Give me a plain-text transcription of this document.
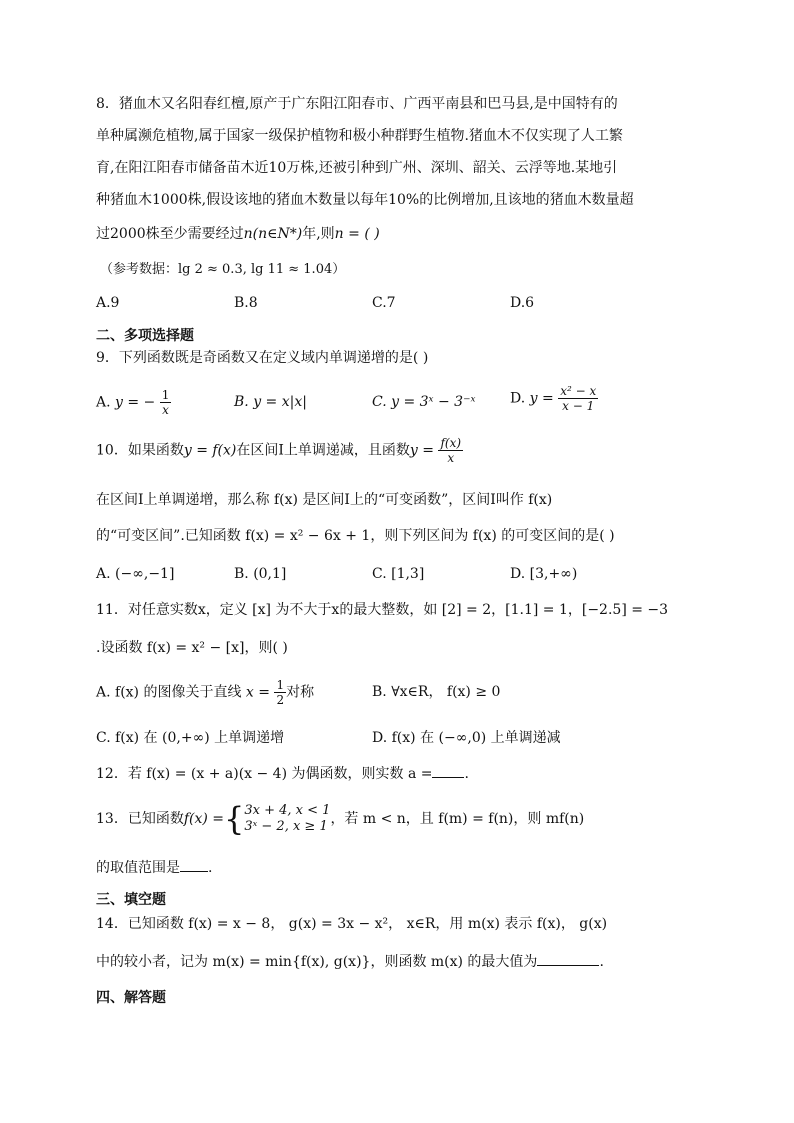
8．猪血木又名阳春红檀,原产于广东阳江阳春市、广西平南县和巴马县,是中国特有的
单种属濒危植物,属于国家一级保护植物和极小种群野生植物.猪血木不仅实现了人工繁
育,在阳江阳春市储备苗木近10万株,还被引种到广州、深圳、韶关、云浮等地.某地引
种猪血木1000株,假设该地的猪血木数量以每年10%的比例增加,且该地的猪血木数量超
过2000株至少需要经过n(n∈N*)年,则n = ( )
（参考数据：lg 2 ≈ 0.3, lg 11 ≈ 1.04）
A.9	B.8	C.7	D.6
二、多项选择题
9．下列函数既是奇函数又在定义域内单调递增的是( )
A. y = − $\frac{1}{x}$	B. y = x|x|	C. y = 3ˣ − 3⁻ˣ D. $y = \frac{\text{x² − x}}{x - 1}$
10．如果函数y = f(x)在区间I上单调递减，且函数$y = \frac{f(x)}{x}$
在区间I上单调递增，那么称 f(x) 是区间I上的“可变函数”，区间I叫作 f(x)
的“可变区间”.已知函数 f(x) = x² − 6x + 1，则下列区间为 f(x) 的可变区间的是( )
A. (−∞,−1]	B. (0,1]	C. [1,3]	D. [3,+∞)
11．对任意实数x，定义 [x] 为不大于x的最大整数，如 [2] = 2，[1.1] = 1，[−2.5] = −3
.设函数 f(x) = x² − [x]，则( )
A. f(x) 的图像关于直线 $x = \frac{1}{2}$ 对称	B. ∀x∈R， f(x) ≥ 0
C. f(x) 在 (0,+∞) 上单调递增	D. f(x) 在 (−∞,0) 上单调递减
12．若 f(x) = (x + a)(x − 4) 为偶函数，则实数 a = .
13．已知函数f(x) ={ 3x + 4, x < 1
3ˣ − 2, x ≥ 1 ，若 m < n，且 f(m) = f(n)，则 mf(n)
的取值范围是 .
三、填空题
14．已知函数 f(x) = x − 8， g(x) = 3x − x²， x∈R，用 m(x) 表示 f(x)， g(x)
中的较小者，记为 m(x) = min{f(x), g(x)}，则函数 m(x) 的最大值为	.
四、解答题
